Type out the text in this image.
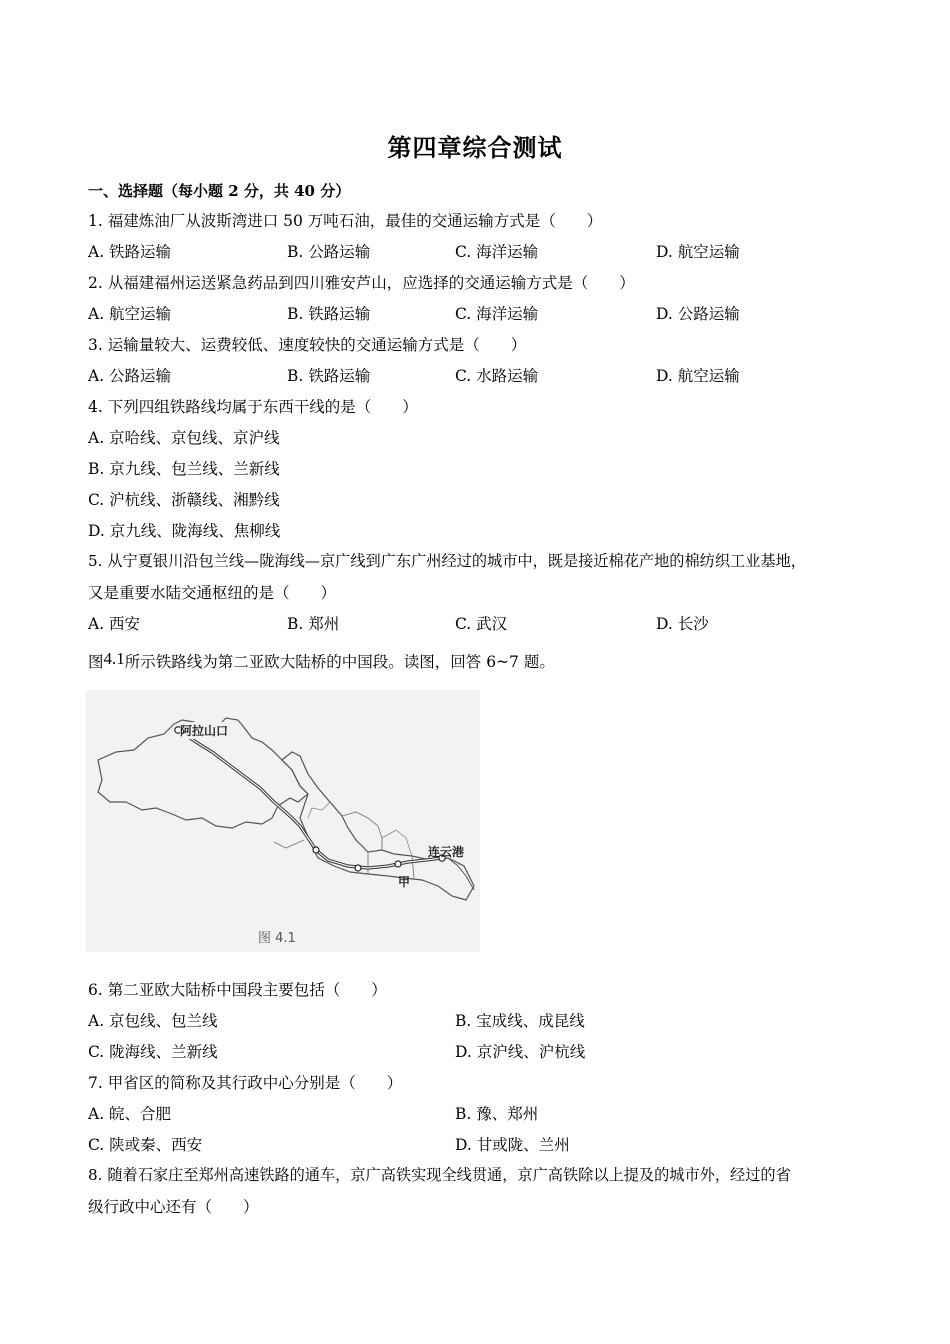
第四章综合测试
一、选择题（每小题 2 分，共 40 分）
1. 福建炼油厂从波斯湾进口 50 万吨石油，最佳的交通运输方式是（　　）
A. 铁路运输	B. 公路运输	C. 海洋运输	D. 航空运输
2. 从福建福州运送紧急药品到四川雅安芦山，应选择的交通运输方式是（　　）
A. 航空运输	B. 铁路运输	C. 海洋运输	D. 公路运输
3. 运输量较大、运费较低、速度较快的交通运输方式是（　　）
A. 公路运输	B. 铁路运输	C. 水路运输	D. 航空运输
4. 下列四组铁路线均属于东西干线的是（　　）
A. 京哈线、京包线、京沪线
B. 京九线、包兰线、兰新线
C. 沪杭线、浙赣线、湘黔线
D. 京九线、陇海线、焦柳线
5. 从宁夏银川沿包兰线—陇海线—京广线到广东广州经过的城市中，既是接近棉花产地的棉纺织工业基地，
又是重要水陆交通枢纽的是（　　）
A. 西安	B. 郑州	C. 武汉	D. 长沙
图4.1所示铁路线为第二亚欧大陆桥的中国段。读图，回答 6~7 题。
阿拉山口
连云港
甲
图 4.1
6. 第二亚欧大陆桥中国段主要包括（　　）
A. 京包线、包兰线	B. 宝成线、成昆线
C. 陇海线、兰新线	D. 京沪线、沪杭线
7. 甲省区的简称及其行政中心分别是（　　）
A. 皖、合肥	B. 豫、郑州
C. 陕或秦、西安	D. 甘或陇、兰州
8. 随着石家庄至郑州高速铁路的通车，京广高铁实现全线贯通，京广高铁除以上提及的城市外，经过的省
级行政中心还有（　　）
